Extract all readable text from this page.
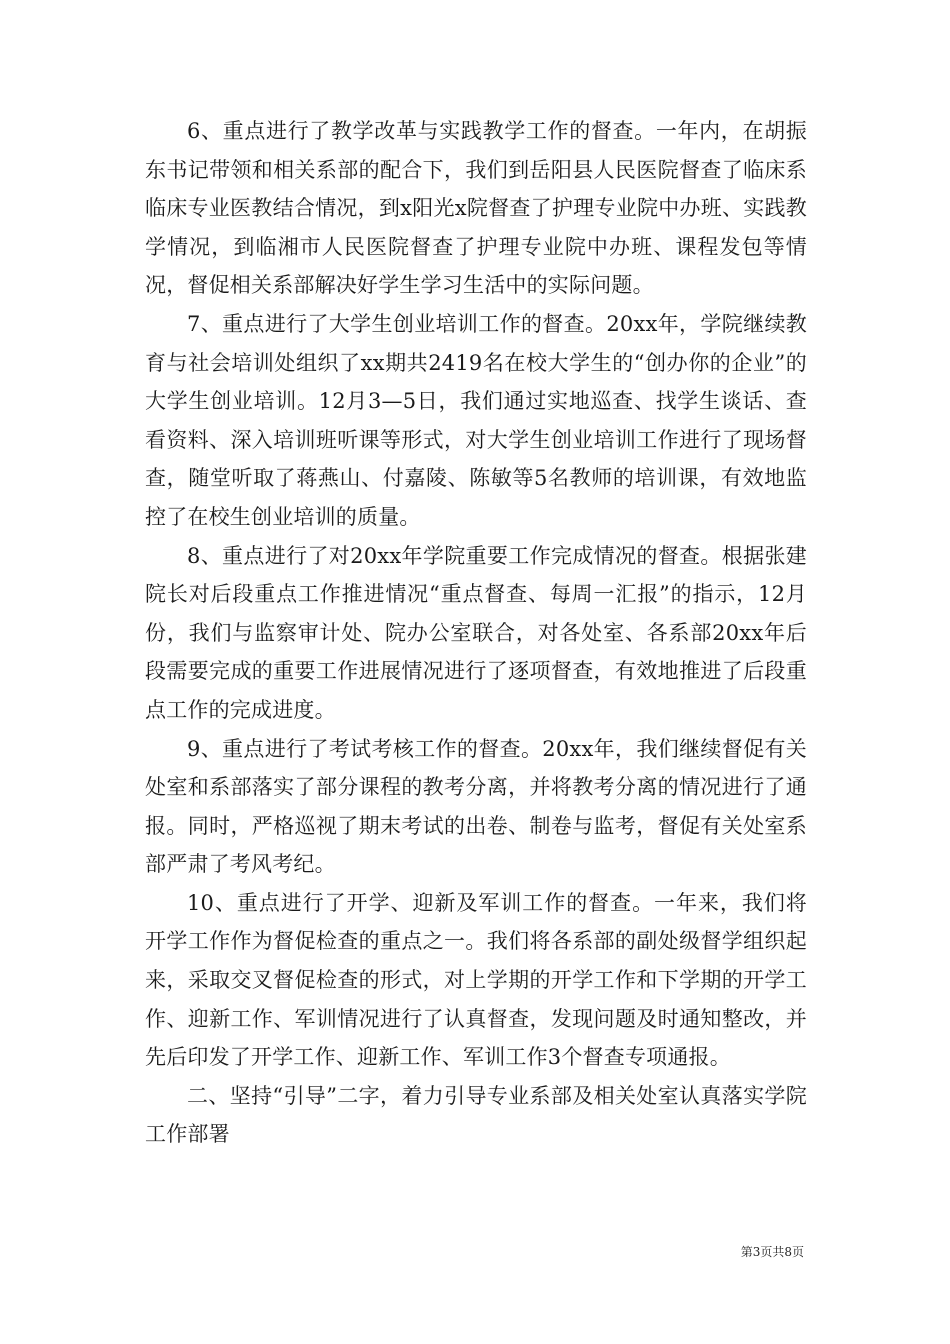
6、重点进行了教学改革与实践教学工作的督查。一年内，在胡振东书记带领和相关系部的配合下，我们到岳阳县人民医院督查了临床系临床专业医教结合情况，到x阳光x院督查了护理专业院中办班、实践教学情况，到临湘市人民医院督查了护理专业院中办班、课程发包等情况，督促相关系部解决好学生学习生活中的实际问题。

7、重点进行了大学生创业培训工作的督查。20xx年，学院继续教育与社会培训处组织了xx期共2419名在校大学生的“创办你的企业”的大学生创业培训。12月3—5日，我们通过实地巡查、找学生谈话、查看资料、深入培训班听课等形式，对大学生创业培训工作进行了现场督查，随堂听取了蒋燕山、付嘉陵、陈敏等5名教师的培训课，有效地监控了在校生创业培训的质量。

8、重点进行了对20xx年学院重要工作完成情况的督查。根据张建院长对后段重点工作推进情况“重点督查、每周一汇报”的指示，12月份，我们与监察审计处、院办公室联合，对各处室、各系部20xx年后段需要完成的重要工作进展情况进行了逐项督查，有效地推进了后段重点工作的完成进度。

9、重点进行了考试考核工作的督查。20xx年，我们继续督促有关处室和系部落实了部分课程的教考分离，并将教考分离的情况进行了通报。同时，严格巡视了期末考试的出卷、制卷与监考，督促有关处室系部严肃了考风考纪。

10、重点进行了开学、迎新及军训工作的督查。一年来，我们将开学工作作为督促检查的重点之一。我们将各系部的副处级督学组织起来，采取交叉督促检查的形式，对上学期的开学工作和下学期的开学工作、迎新工作、军训情况进行了认真督查，发现问题及时通知整改，并先后印发了开学工作、迎新工作、军训工作3个督查专项通报。

二、坚持“引导”二字，着力引导专业系部及相关处室认真落实学院工作部署

第3页共8页
